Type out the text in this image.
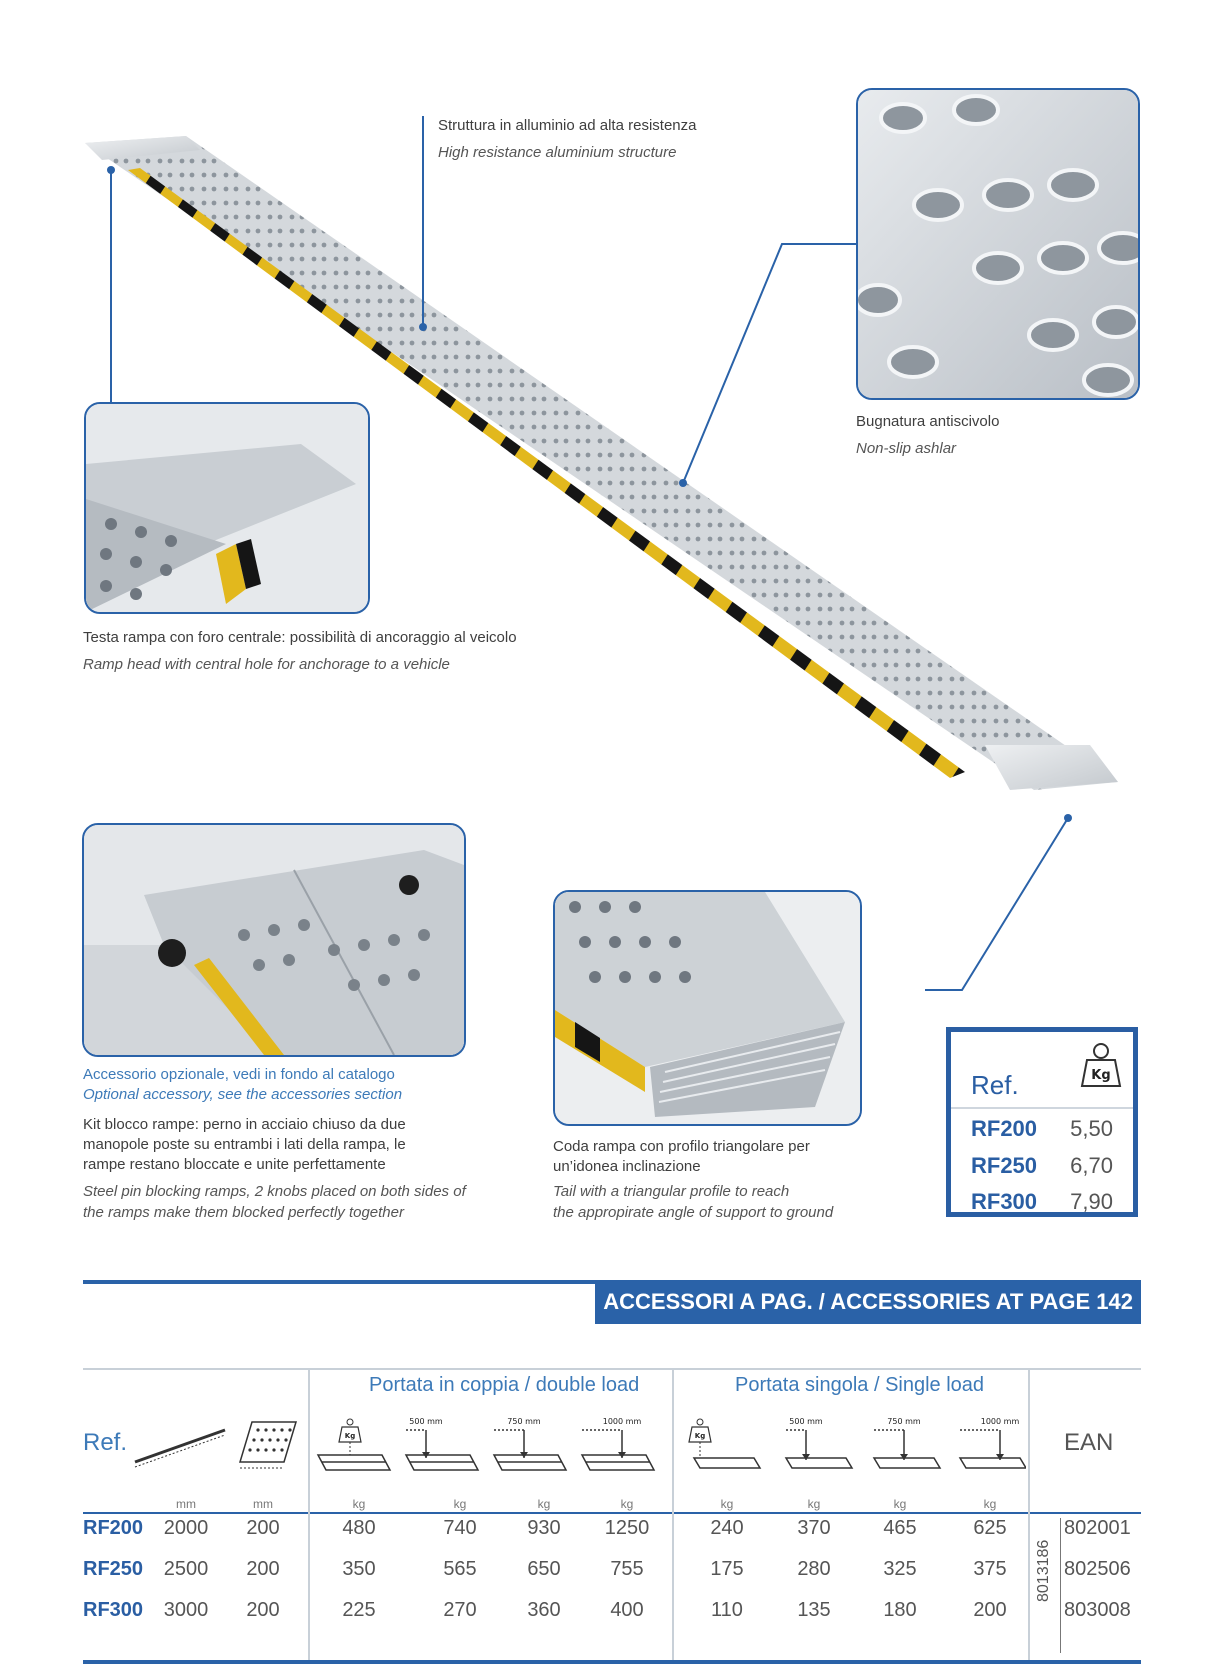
Struttura in alluminio ad alta resistenza
High resistance aluminium structure
Bugnatura antiscivolo
Non-slip ashlar
Testa rampa con foro centrale: possibilità di ancoraggio al veicolo
Ramp head with central hole for anchorage to a vehicle
Accessorio opzionale, vedi in fondo al catalogo
Optional accessory, see the accessories section
Kit blocco rampe: perno in acciaio chiuso da due
manopole poste su entrambi i lati della rampa, le
rampe restano bloccate e unite perfettamente
Steel pin blocking ramps, 2 knobs placed on both sides of
the ramps make them blocked perfectly together
Coda rampa con profilo triangolare per
un’idonea inclinazione
Tail with a triangular profile to reach
the appropirate angle of support to ground
Ref.	Kg
RF200 5,50
RF250 6,70
RF300 7,90
ACCESSORI A PAG. / ACCESSORIES AT PAGE 142
Portata in coppia / double load	Portata singola / Single load
Ref.	EAN
Kg
500 mm	750 mm	1000 mm
Kg
500 mm	750 mm	1000 mm
mm	mm	kg	kg	kg	kg	kg	kg	kg	kg
8013186
RF200	2000	200	480	740	930	1250	240	370	465	625	802001
RF250	2500	200	350	565	650	755	175	280	325	375	802506
RF300	3000	200	225	270	360	400	110	135	180	200	803008
